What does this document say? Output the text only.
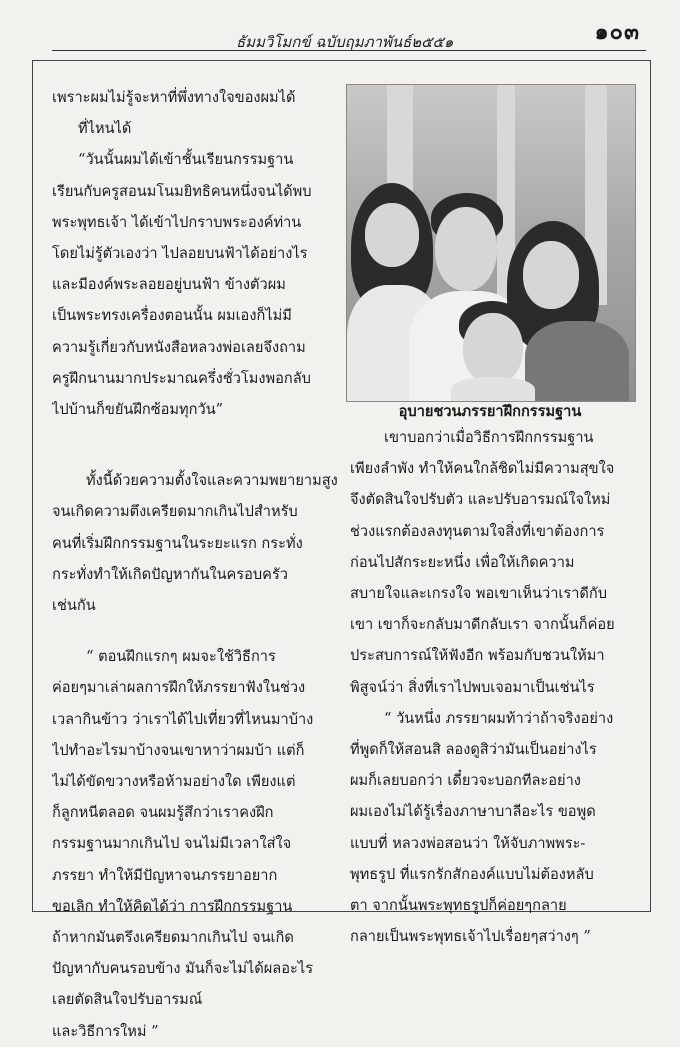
๑๐๓
ธัมมวิโมกข์ ฉบับฤมภาพันธ์๒๕๕๑
เพราะผมไม่รู้จะหาที่พึ่งทางใจของผมได้
ที่ไหนได้
“วันนั้นผมได้เข้าชั้นเรียนกรรมฐาน
เรียนกับครูสอนมโนมยิทธิคนหนึ่งจนได้พบ
พระพุทธเจ้า ได้เข้าไปกราบพระองค์ท่าน
โดยไม่รู้ตัวเองว่า ไปลอยบนฟ้าได้อย่างไร
และมีองค์พระลอยอยู่บนฟ้า ข้างตัวผม
เป็นพระทรงเครื่องตอนนั้น ผมเองก็ไม่มี
ความรู้เกี่ยวกับหนังสือหลวงพ่อเลยจึงถาม
ครูฝึกนานมากประมาณครึ่งชั่วโมงพอกลับ
ไปบ้านก็ขยันฝึกซ้อมทุกวัน”
ทั้งนี้ด้วยความตั้งใจและความพยายามสูง
จนเกิดความตึงเครียดมากเกินไปสำหรับ
คนที่เริ่มฝึกกรรมฐานในระยะแรก กระทั่ง
กระทั่งทำให้เกิดปัญหากันในครอบครัว
เช่นกัน
“ ตอนฝึกแรกๆ ผมจะใช้วิธีการ
ค่อยๆมาเล่าผลการฝึกให้ภรรยาฟังในช่วง
เวลากินข้าว ว่าเราได้ไปเที่ยวที่ไหนมาบ้าง
ไปทำอะไรมาบ้างจนเขาหาว่าผมบ้า แต่ก็
ไม่ได้ขัดขวางหรือห้ามอย่างใด เพียงแต่
ก็ลูกหนีตลอด จนผมรู้สึกว่าเราคงฝึก
กรรมฐานมากเกินไป จนไม่มีเวลาใส่ใจ
ภรรยา ทำให้มีปัญหาจนภรรยาอยาก
ขอเลิก ทำให้คิดได้ว่า การฝึกกรรมฐาน
ถ้าหากมันตรึงเครียดมากเกินไป จนเกิด
ปัญหากับคนรอบข้าง มันก็จะไม่ได้ผลอะไร
เลยตัดสินใจปรับอารมณ์
และวิธีการใหม่ ”
อุบายชวนภรรยาฝึกกรรมฐาน
เขาบอกว่าเมื่อวิธีการฝึกกรรมฐาน
เพียงลำพัง ทำให้คนใกล้ชิดไม่มีความสุขใจ
จึงตัดสินใจปรับตัว และปรับอารมณ์ใจใหม่
ช่วงแรกต้องลงทุนตามใจสิ่งที่เขาต้องการ
ก่อนไปสักระยะหนึ่ง เพื่อให้เกิดความ
สบายใจและเกรงใจ พอเขาเห็นว่าเราดีกับ
เขา เขาก็จะกลับมาดีกลับเรา จากนั้นก็ค่อย
ประสบการณ์ให้ฟังอีก พร้อมกับชวนให้มา
พิสูจน์ว่า สิ่งที่เราไปพบเจอมาเป็นเช่นไร
“ วันหนึ่ง ภรรยาผมท้าว่าถ้าจริงอย่าง
ที่พูดก็ให้สอนสิ ลองดูสิว่ามันเป็นอย่างไร
ผมก็เลยบอกว่า เดี๋ยวจะบอกทีละอย่าง
ผมเองไม่ได้รู้เรื่องภาษาบาลีอะไร ขอพูด
แบบที่ หลวงพ่อสอนว่า ให้จับภาพพระ-
พุทธรูป ที่แรกรักสักองค์แบบไม่ต้องหลับ
ตา จากนั้นพระพุทธรูปก็ค่อยๆกลาย
กลายเป็นพระพุทธเจ้าไปเรื่อยๆสว่างๆ ”
